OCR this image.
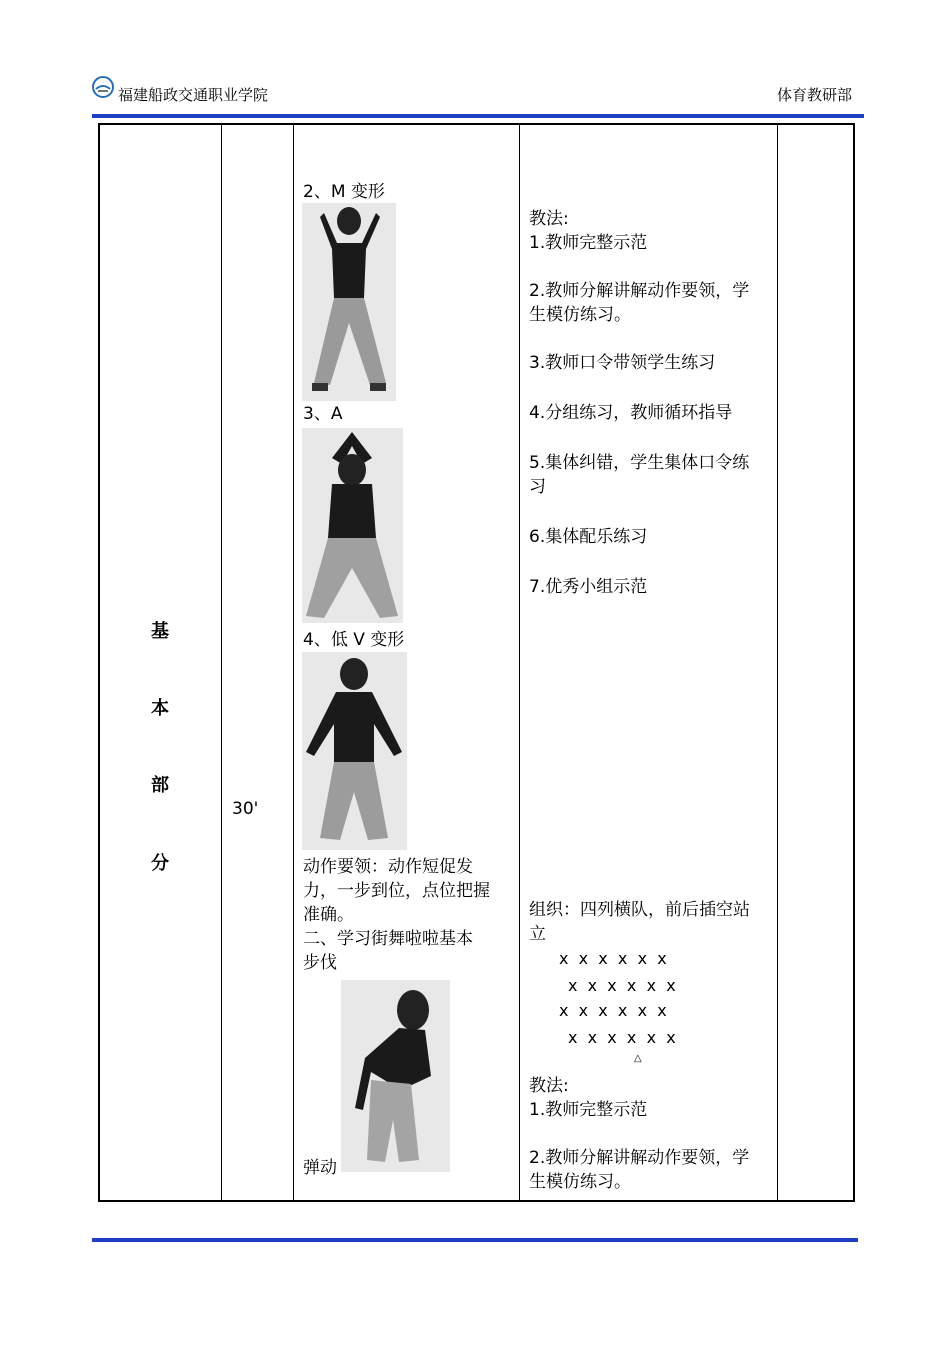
福建船政交通职业学院	体育教研部
基
本
部
分
30'
2、M 变形
3、A
4、低 V 变形
动作要领：动作短促发
力，一步到位，点位把握
准确。
二、学习街舞啦啦基本
步伐
弹动
教法:
1.教师完整示范
2.教师分解讲解动作要领，学
生模仿练习。
3.教师口令带领学生练习
4.分组练习，教师循环指导
5.集体纠错，学生集体口令练
习
6.集体配乐练习
7.优秀小组示范
组织：四列横队，前后插空站
立
x  x  x  x  x  x
x  x  x  x  x  x
x  x  x  x  x  x
x  x  x  x  x  x
△
教法:
1.教师完整示范
2.教师分解讲解动作要领，学
生模仿练习。
